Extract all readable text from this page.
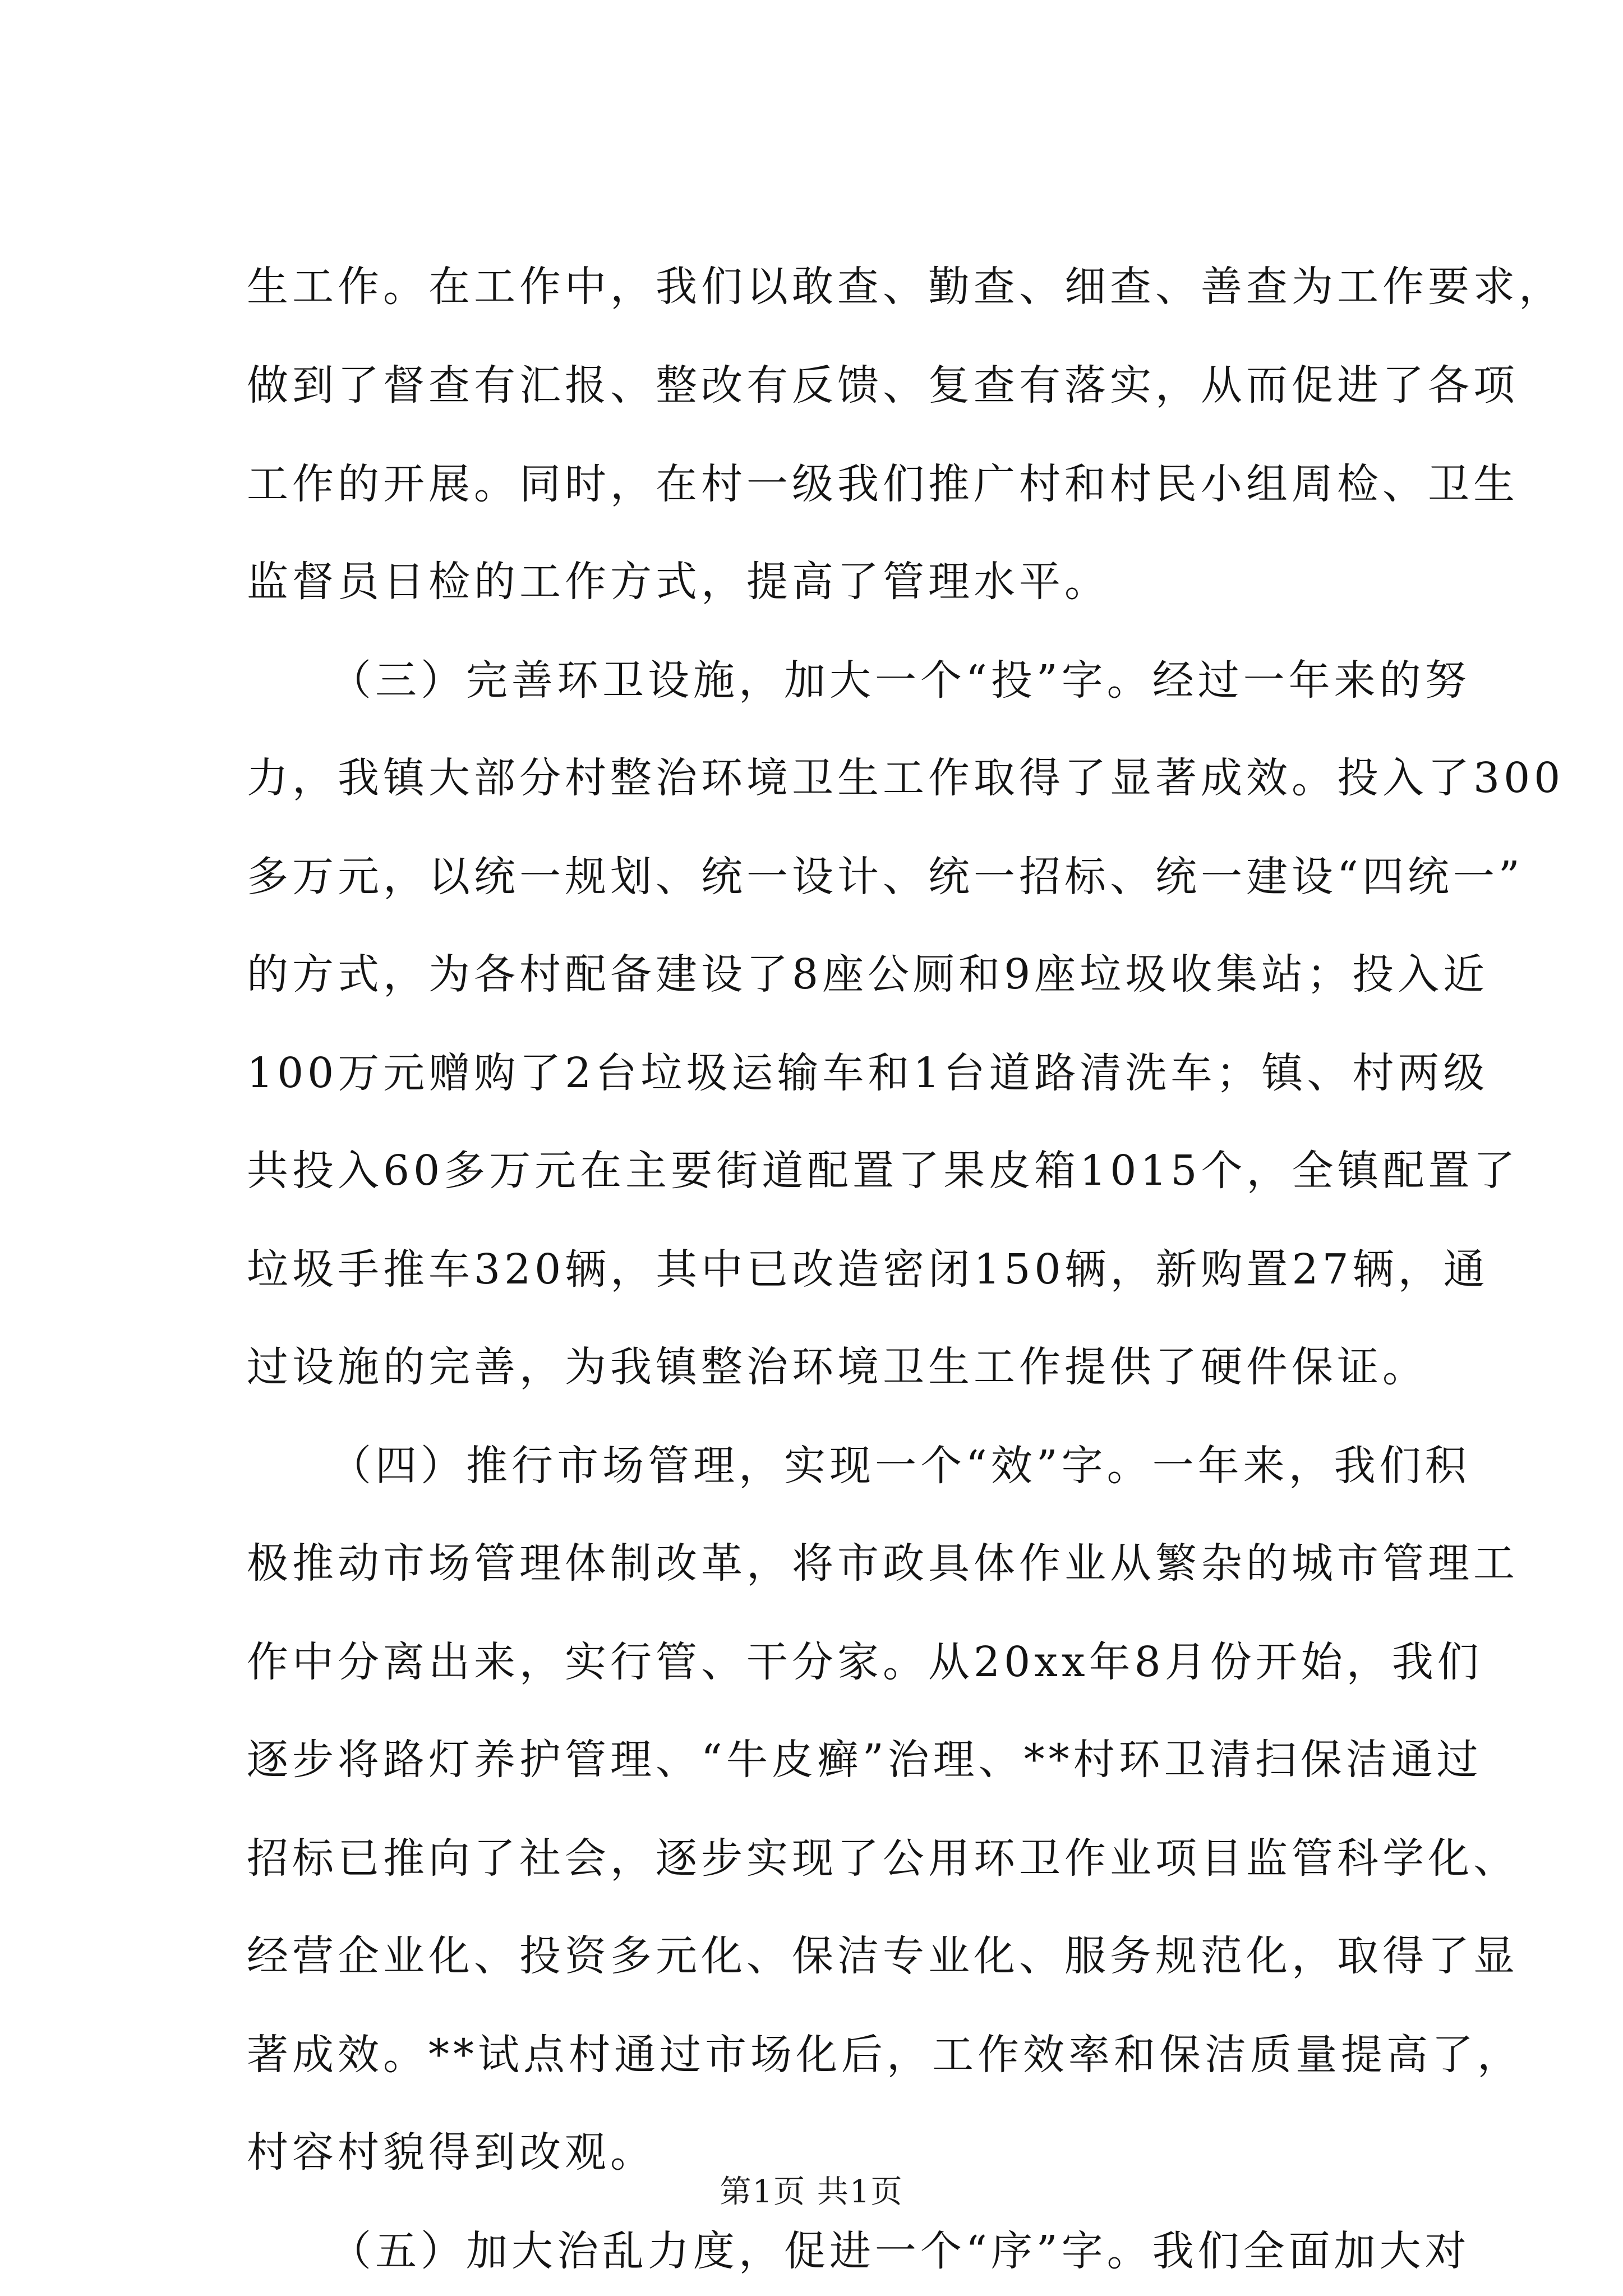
生工作。在工作中，我们以敢查、勤查、细查、善查为工作要求，
做到了督查有汇报、整改有反馈、复查有落实，从而促进了各项
工作的开展。同时，在村一级我们推广村和村民小组周检、卫生
监督员日检的工作方式，提高了管理水平。
（三）完善环卫设施，加大一个“投”字。经过一年来的努
力，我镇大部分村整治环境卫生工作取得了显著成效。投入了300
多万元，以统一规划、统一设计、统一招标、统一建设“四统一”
的方式，为各村配备建设了8座公厕和9座垃圾收集站；投入近
100万元赠购了2台垃圾运输车和1台道路清洗车；镇、村两级
共投入60多万元在主要街道配置了果皮箱1015个，全镇配置了
垃圾手推车320辆，其中已改造密闭150辆，新购置27辆，通
过设施的完善，为我镇整治环境卫生工作提供了硬件保证。
（四）推行市场管理，实现一个“效”字。一年来，我们积
极推动市场管理体制改革，将市政具体作业从繁杂的城市管理工
作中分离出来，实行管、干分家。从20xx年8月份开始，我们
逐步将路灯养护管理、“牛皮癣”治理、**村环卫清扫保洁通过
招标已推向了社会，逐步实现了公用环卫作业项目监管科学化、
经营企业化、投资多元化、保洁专业化、服务规范化，取得了显
著成效。**试点村通过市场化后，工作效率和保洁质量提高了，
村容村貌得到改观。
（五）加大治乱力度，促进一个“序”字。我们全面加大对
第1页 共1页
